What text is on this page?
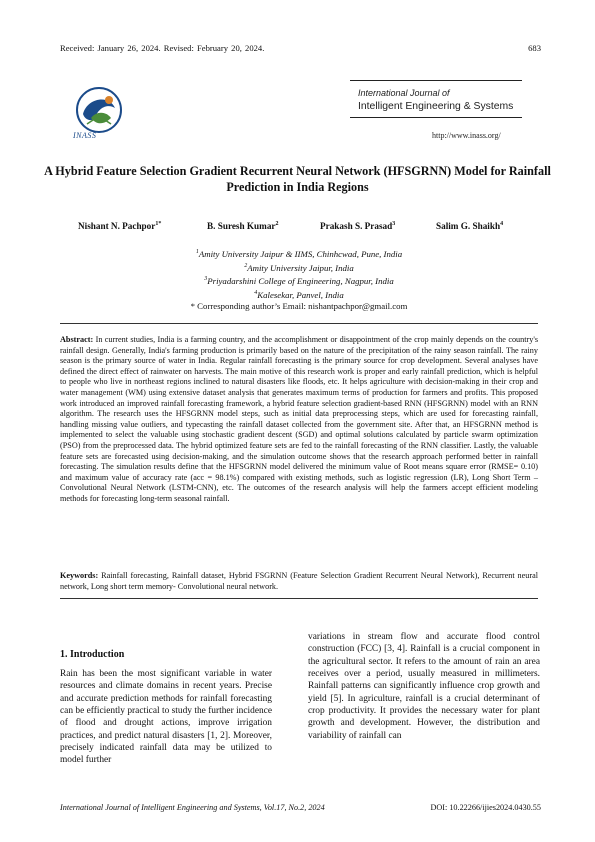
Received: January 26, 2024. Revised: February 20, 2024.	683
INASS
International Journal of
Intelligent Engineering & Systems
http://www.inass.org/
A Hybrid Feature Selection Gradient Recurrent Neural Network (HFSGRNN) Model for Rainfall Prediction in India Regions
Nishant N. Pachpor$^{1*}$	B. Suresh Kumar$^2$	Prakash S. Prasad$^3$	Salim G. Shaikh$^4$
$^1$Amity University Jaipur & IIMS, Chinhcwad, Pune, India
$^2$Amity University Jaipur, India
$^3$Priyadarshini College of Engineering, Nagpur, India
$^4$Kalesekar, Panvel, India
* Corresponding author’s Email: nishantpachpor@gmail.com
Abstract: In current studies, India is a farming country, and the accomplishment or disappointment of the crop mainly depends on the country's rainfall design. Generally, India's farming production is primarily based on the nature of the precipitation of the rainy season rainfall. The rainy season is the primary source of water in India. Regular rainfall forecasting is the primary source for crop development. Several analyses have defined the direct effect of rainwater on harvests. The main motive of this research work is proper and early rainfall prediction, which is helpful to people who live in northeast regions inclined to natural disasters like floods, etc. It helps agriculture with decision-making in their crop and water management (WM) using extensive dataset analysis that generates maximum terms of production for farmers and profits. This proposed work introduced an improved rainfall forecasting framework, a hybrid feature selection gradient-based RNN (HFSGRNN) model with an RNN algorithm. The research uses the HFSGRNN model steps, such as initial data preprocessing steps, which are used for forecasting rainfall, handling missing value outliers, and typecasting the rainfall dataset collected from the government site. After that, an HFSGRNN method is implemented to select the valuable using stochastic gradient descent (SGD) and optimal solutions calculated by particle swarm optimization (PSO) from the preprocessed data. The hybrid optimized feature sets are fed to the rainfall forecasting of the RNN classifier. Lastly, the valuable feature sets are forecasted using decision-making, and the simulation outcome shows that the research approach performed better in rainfall forecasting. The simulation results define that the HFSGRNN model delivered the minimum value of Root means square error (RMSE= 0.10) and maximum value of accuracy rate (acc = 98.1%) compared with existing methods, such as logistic regression (LR), Long Short Term –Convolutional Neural Network (LSTM-CNN), etc. The outcomes of the research analysis will help the farmers accept efficient modeling methods for forecasting long-term seasonal rainfall.
Keywords: Rainfall forecasting, Rainfall dataset, Hybrid FSGRNN (Feature Selection Gradient Recurrent Neural Network), Recurrent neural network, Long short term memory- Convolutional neural network.
1. Introduction
Rain has been the most significant variable in water resources and climate domains in recent years. Precise and accurate prediction methods for rainfall forecasting can be efficiently practical to study the further incidence of flood and drought actions, improve irrigation practices, and predict natural disasters [1, 2]. Moreover, precisely indicated rainfall data may be utilized to model further
variations in stream flow and accurate flood control construction (FCC) [3, 4]. Rainfall is a crucial component in the agricultural sector. It refers to the amount of rain an area receives over a period, usually measured in millimeters. Rainfall patterns can significantly influence crop growth and yield [5]. In agriculture, rainfall is a crucial determinant of crop productivity. It provides the necessary water for plant growth and development. However, the distribution and variability of rainfall can
International Journal of Intelligent Engineering and Systems, Vol.17, No.2, 2024	DOI: 10.22266/ijies2024.0430.55
